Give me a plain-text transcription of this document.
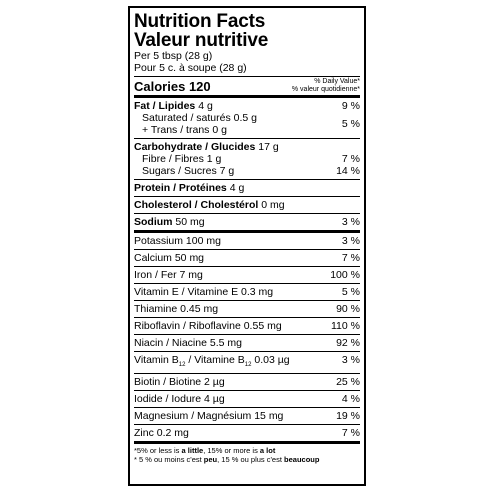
Nutrition Facts
Valeur nutritive
Per 5 tbsp (28 g)
Pour 5 c. à soupe (28 g)
Calories 120	% Daily Value*
% valeur quotidienne*
Fat / Lipides 4 g	9 %
Saturated / saturés 0.5 g
+ Trans / trans 0 g	5 %
Carbohydrate / Glucides 17 g
Fibre / Fibres 1 g	7 %
Sugars / Sucres 7 g	14 %
Protein / Protéines 4 g
Cholesterol / Cholestérol 0 mg
Sodium 50 mg	3 %
Potassium 100 mg	3 %
Calcium 50 mg	7 %
Iron / Fer 7 mg	100 %
Vitamin E / Vitamine E 0.3 mg	5 %
Thiamine 0.45 mg	90 %
Riboflavin / Riboflavine 0.55 mg	110 %
Niacin / Niacine 5.5 mg	92 %
Vitamin $B_{12}$ / Vitamine $B_{12}$ 0.03 µg	3 %
Biotin / Biotine 2 µg	25 %
Iodide / Iodure 4 µg	4 %
Magnesium / Magnésium 15 mg	19 %
Zinc 0.2 mg	7 %
*5% or less is a little, 15% or more is a lot
* 5 % ou moins c'est peu, 15 % ou plus c'est beaucoup
